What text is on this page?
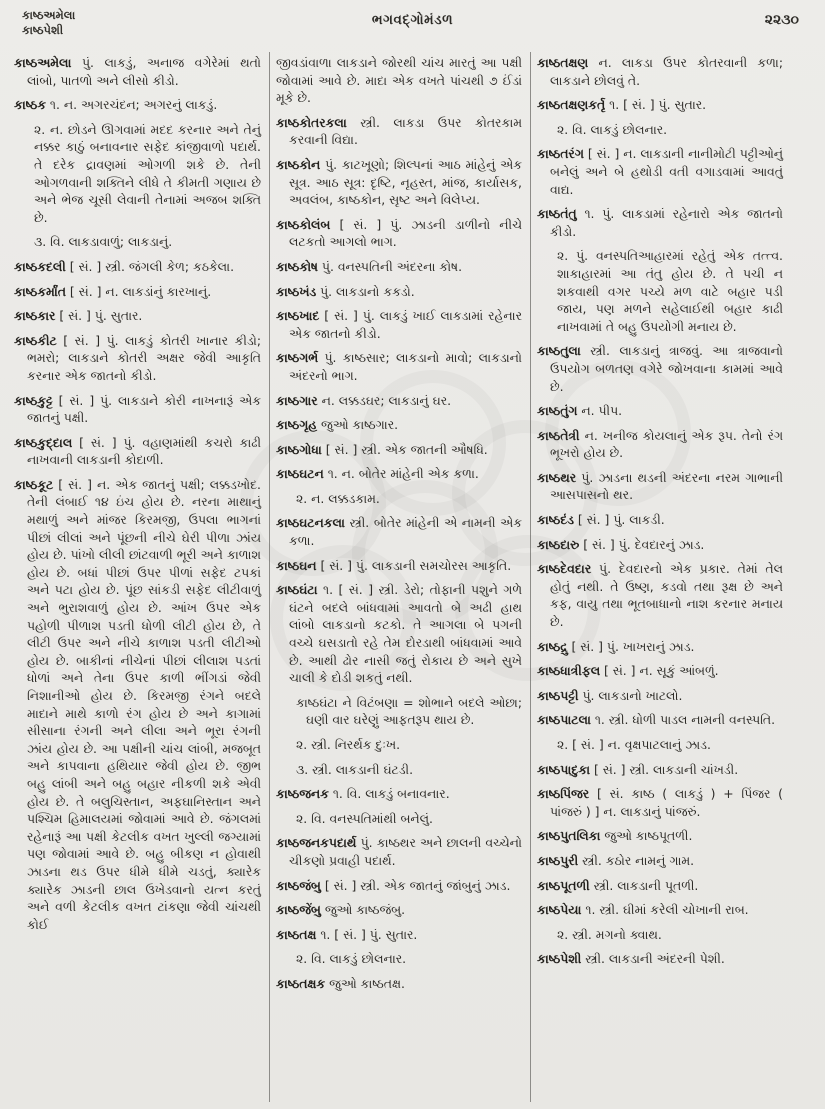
કાષ્ઠઅમેલા
કાષ્ઠપેશી
ભગવદ્ગોમંડળ	૨૨૩૦

કાષ્ઠઅમેલા પું. લાકડું, અનાજ વગેરેમાં થતો લાંબો, પાતળો અને લીસો કીડો.

કાષ્ઠક ૧. ન. અગરચંદન; અગરનું લાકડું.

૨. ન. છોડને ઊગવામાં મદદ કરનાર અને તેનું નક્કર કાઠું બનાવનાર સફેદ કાંજીવાળો પદાર્થ. તે દરેક દ્રાવણમાં ઓગળી શકે છે. તેની ઓગળવાની શક્તિને લીધે તે કીમતી ગણાય છે અને ભેજ ચૂસી લેવાની તેનામાં અજબ શક્તિ છે.

૩. વિ. લાકડાવાળું; લાકડાનું.

કાષ્ઠકદલી [ સં. ] સ્ત્રી. જંગલી કેળ; કઠકેલા.

કાષ્ઠકર્માંત [ સં. ] ન. લાકડાંનું કારખાનું.

કાષ્ઠકાર [ સં. ] પું. સુતાર.

કાષ્ઠકીટ [ સં. ] પું. લાકડું કોતરી ખાનાર કીડો; ભમરો; લાકડાને કોતરી અક્ષર જેવી આકૃતિ કરનાર એક જાતનો કીડો.

કાષ્ઠકુટ્ટ [ સં. ] પું. લાકડાને કોરી નાખનારૂં એક જાતનું પક્ષી.

કાષ્ઠકુદ્દાલ [ સં. ] પું. વહાણમાંથી કચરો કાઢી નાખવાની લાકડાની કોદાળી.

કાષ્ઠકૂટ [ સં. ] ન. એક જાતનું પક્ષી; લક્કડખોદ. તેની લંબાઈ ૧૪ ઇંચ હોય છે. નરના માથાનું મથાળું અને માંજર કિરમજી, ઉપલા ભાગનાં પીછાં લીલાં અને પૂંછની નીચે ઘેરી પીળા ઝાંય હોય છે. પાંખો લીલી છાંટવાળી ભૂરી અને કાળાશ હોય છે. બધાં પીછાં ઉપર પીળાં સફેદ ટપકાં અને પટા હોય છે. પૂંછ સાંકડી સફેદ લીટીવાળું અને ભુરાશવાળું હોય છે. આંખ ઉપર એક પહોળી પીળાશ પડતી ધોળી લીટી હોય છે, તે લીટી ઉપર અને નીચે કાળાશ પડતી લીટીઓ હોય છે. બાકીનાં નીચેનાં પીછાં લીલાશ પડતાં ધોળાં અને તેના ઉપર કાળી ભીંગડાં જેવી નિશાનીઓ હોય છે. કિરમજી રંગને બદલે માદાને માથે કાળો રંગ હોય છે અને કાગામાં સીસાના રંગની અને લીલા અને ભૂરા રંગની ઝાંય હોય છે. આ પક્ષીની ચાંચ લાંબી, મજબૂત અને કાપવાના હથિયાર જેવી હોય છે. જીભ બહુ લાંબી અને બહુ બહાર નીકળી શકે એવી હોય છે. તે બલુચિસ્તાન, અફઘાનિસ્તાન અને પશ્ચિમ હિમાલયમાં જોવામાં આવે છે. જંગલમાં રહેનારૂં આ પક્ષી કેટલીક વખત ખુલ્લી જગ્યામાં પણ જોવામાં આવે છે. બહુ બીકણ ન હોવાથી ઝાડના થડ ઉપર ધીમે ધીમે ચડતું, ક્યારેક ક્યારેક ઝાડની છાલ ઉખેડવાનો યત્ન કરતું અને વળી કેટલીક વખત ટાંકણા જેવી ચાંચથી કોઈ

જીવડાંવાળા લાકડાને જોરથી ચાંચ મારતું આ પક્ષી જોવામાં આવે છે. માદા એક વખતે પાંચથી ૭ ઈંડાં મૂકે છે.

કાષ્ઠકોતરકલા સ્ત્રી. લાકડા ઉપર કોતરકામ કરવાની વિદ્યા.

કાષ્ઠકોન પું. કાટખૂણો; શિલ્પનાં આઠ માંહેનું એક સૂત્ર. આઠ સૂત્ર: દૃષ્ટિ, નૃહસ્ત, માંજ, કાર્યાસક, અવલંબ, કાષ્ઠકોન, સૃષ્ટ અને વિલેપ્ય.

કાષ્ઠકોલંબ [ સં. ] પું. ઝાડની ડાળીનો નીચે લટકતો આગલો ભાગ.

કાષ્ઠકોષ પું. વનસ્પતિની અંદરના કોષ.

કાષ્ઠખંડ પું. લાકડાનો કકડો.

કાષ્ઠખાદ [ સં. ] પું. લાકડું ખાઈ લાકડામાં રહેનાર એક જાતનો કીડો.

કાષ્ઠગર્ભ પું. કાષ્ઠસાર; લાકડાનો માવો; લાકડાનો અંદરનો ભાગ.

કાષ્ઠગાર ન. લક્કડઘર; લાકડાનું ઘર.

કાષ્ઠગૃહ જુઓ કાષ્ઠગાર.

કાષ્ઠગોધા [ સં. ] સ્ત્રી. એક જાતની ઔષધિ.

કાષ્ઠઘટન ૧. ન. બોતેર માંહેની એક કળા.

૨. ન. લક્કડકામ.

કાષ્ઠઘટનકલા સ્ત્રી. બોતેર માંહેની એ નામની એક કળા.

કાષ્ઠઘન [ સં. ] પું. લાકડાની સમચોરસ આકૃતિ.

કાષ્ઠઘંટા ૧. [ સં. ] સ્ત્રી. ડેરો; તોફાની પશુને ગળે ઘંટને બદલે બાંધવામાં આવતો બે અઢી હાથ લાંબો લાકડાનો કટકો. તે આગલા બે પગની વચ્ચે ઘસડાતો રહે તેમ દોરડાથી બાંધવામાં આવે છે. આથી ઢોર નાસી જતું રોકાય છે અને સુખે ચાલી કે દોડી શકતું નથી.

કાષ્ઠઘંટા ને વિટંબણા = શોભાને બદલે ઓછા; ઘણી વાર ઘરેણું આફતરૂપ થાય છે.

૨. સ્ત્રી. નિરર્થક દુઃખ.

૩. સ્ત્રી. લાકડાની ઘંટડી.

કાષ્ઠજનક ૧. વિ. લાકડું બનાવનાર.

૨. વિ. વનસ્પતિમાંથી બનેલું.

કાષ્ઠજનકપદાર્થ પું. કાષ્ઠથર અને છાલની વચ્ચેનો ચીકણો પ્રવાહી પદાર્થ.

કાષ્ઠજંબુ [ સં. ] સ્ત્રી. એક જાતનું જાંબુનું ઝાડ.

કાષ્ઠજેંબુ જુઓ કાષ્ઠજંબુ.

કાષ્ઠતક્ષ ૧. [ સં. ] પું. સુતાર.

૨. વિ. લાકડું છોલનાર.

કાષ્ઠતક્ષક જુઓ કાષ્ઠતક્ષ.

કાષ્ઠતક્ષણ ન. લાકડા ઉપર કોતરવાની કળા; લાકડાને છોલવું તે.

કાષ્ઠતક્ષણકર્તૃ ૧. [ સં. ] પું. સુતાર.

૨. વિ. લાકડું છોલનાર.

કાષ્ઠતરંગ [ સં. ] ન. લાકડાની નાનીમોટી પટ્ટીઓનું બનેલું અને બે હથોડી વતી વગાડવામાં આવતું વાદ્ય.

કાષ્ઠતંતુ ૧. પું. લાકડામાં રહેનારો એક જાતનો કીડો.

૨. પું. વનસ્પતિઆહારમાં રહેતું એક તત્ત્વ. શાકાહારમાં આ તંતુ હોય છે. તે પચી ન શકવાથી વગર પચ્યે મળ વાટે બહાર પડી જાય, પણ મળને સહેલાઈથી બહાર કાઢી નાખવામાં તે બહુ ઉપયોગી મનાય છે.

કાષ્ઠતુલા સ્ત્રી. લાકડાનું ત્રાજવું. આ ત્રાજવાનો ઉપયોગ બળતણ વગેરે જોખવાના કામમાં આવે છે.

કાષ્ઠતુંગ ન. પીપ.

કાષ્ઠતેત્રી ન. ખનીજ કોયલાનું એક રૂપ. તેનો રંગ ભૂખરો હોય છે.

કાષ્ઠથર પું. ઝાડના થડની અંદરના નરમ ગાભાની આસપાસનો થર.

કાષ્ઠદંડ [ સં. ] પું. લાકડી.

કાષ્ઠદારુ [ સં. ] પું. દેવદારનું ઝાડ.

કાષ્ઠદેવદાર પું. દેવદારનો એક પ્રકાર. તેમાં તેલ હોતું નથી. તે ઉષ્ણ, કડવો તથા રૂક્ષ છે અને કફ, વાયુ તથા ભૂતબાધાનો નાશ કરનાર મનાય છે.

કાષ્ઠદ્રુ [ સં. ] પું. ખાખરાનું ઝાડ.

કાષ્ઠધાત્રીફલ [ સં. ] ન. સૂકું આંબળું.

કાષ્ઠપટ્ટી પું. લાકડાનો ખાટલો.

કાષ્ઠપાટલા ૧. સ્ત્રી. ધોળી પાડલ નામની વનસ્પતિ.

૨. [ સં. ] ન. વૃક્ષપાટલાનું ઝાડ.

કાષ્ઠપાદુકા [ સં. ] સ્ત્રી. લાકડાની ચાંખડી.

કાષ્ઠપિંજર [ સં. કાષ્ઠ ( લાકડું ) + પિંજર ( પાંજરું ) ] ન. લાકડાનું પાંજરું.

કાષ્ઠપુતલિકા જુઓ કાષ્ઠપૂતળી.

કાષ્ઠપુરી સ્ત્રી. કઠોર નામનું ગામ.

કાષ્ઠપૂતળી સ્ત્રી. લાકડાની પૂતળી.

કાષ્ઠપેયા ૧. સ્ત્રી. ઘીમાં કરેલી ચોખાની રાબ.

૨. સ્ત્રી. મગનો ક્વાથ.

કાષ્ઠપેશી સ્ત્રી. લાકડાની અંદરની પેશી.
